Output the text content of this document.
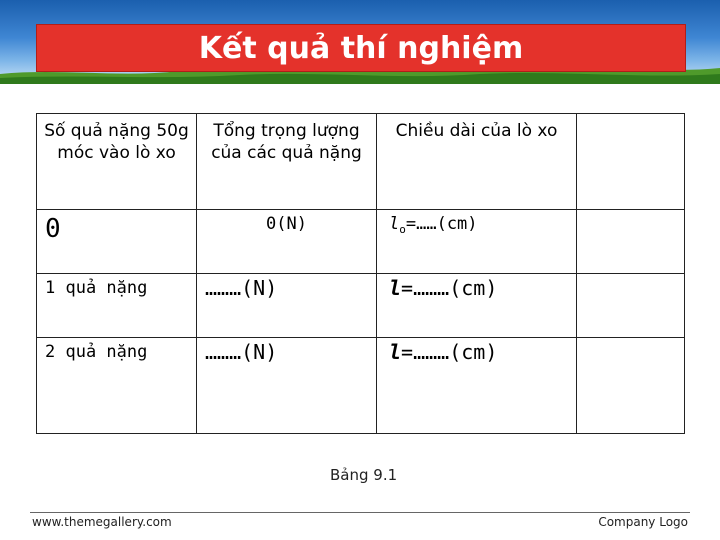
Kết quả thí nghiệm
Số quả nặng 50g móc vào lò xo	Tổng trọng lượng của các quả nặng	Chiều dài của lò xo	
0	0(N)	$l_o=\dots\dots(cm)$	
1 quả nặng	………(N)	l=………(cm)	
2 quả nặng	………(N)	l=………(cm)	
Bảng 9.1
www.themegallery.com	Company Logo
